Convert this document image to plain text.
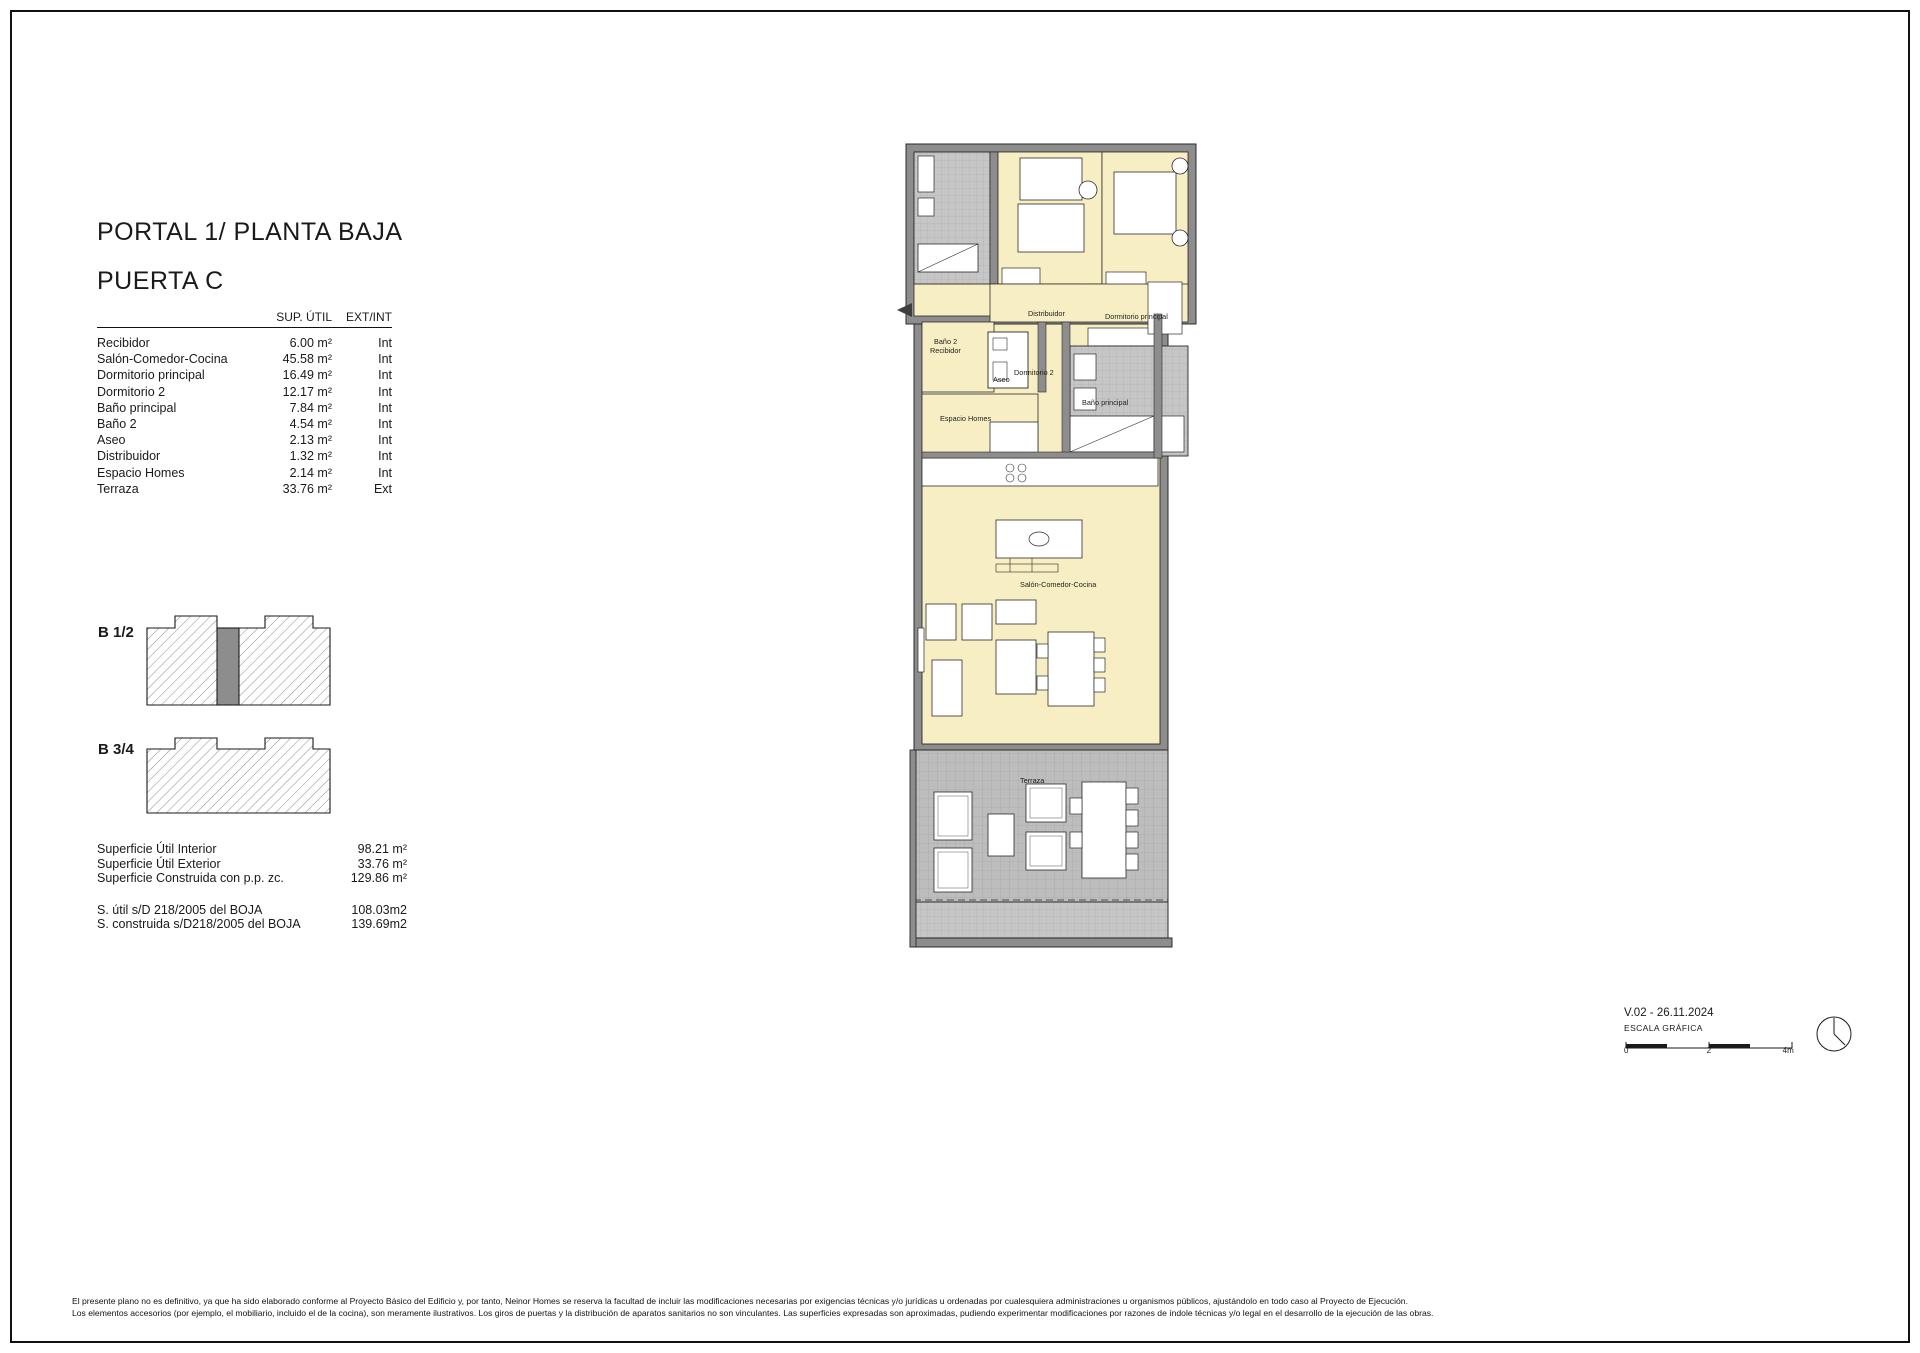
PORTAL 1/ PLANTA BAJA
PUERTA C
SUP. ÚTIL	EXT/INT
Recibidor	6.00 m²	Int
Salón-Comedor-Cocina	45.58 m²	Int
Dormitorio principal	16.49 m²	Int
Dormitorio 2	12.17 m²	Int
Baño principal	7.84 m²	Int
Baño 2	4.54 m²	Int
Aseo	2.13 m²	Int
Distribuidor	1.32 m²	Int
Espacio Homes	2.14 m²	Int
Terraza	33.76 m²	Ext
B 1/2
B 3/4
Superficie Útil Interior	98.21 m²
Superficie Útil Exterior	33.76 m²
Superficie Construida con p.p. zc.	129.86 m²
S. útil s/D 218/2005 del BOJA	108.03m2
S. construida s/D218/2005 del BOJA	139.69m2
Baño 2
Dormitorio 2
Distribuidor	Dormitorio principal
Recibidor
Aseo
Baño principal
Espacio Homes
Salón-Comedor-Cocina
Terraza
V.02 - 26.11.2024
ESCALA GRÁFICA
0	2	4m
El presente plano no es definitivo, ya que ha sido elaborado conforme al Proyecto Básico del Edificio y, por tanto, Neinor Homes se reserva la facultad de incluir las modificaciones necesarias por exigencias técnicas y/o jurídicas u ordenadas por cualesquiera administraciones u organismos públicos, ajustándolo en todo caso al Proyecto de Ejecución.
Los elementos accesorios (por ejemplo, el mobiliario, incluido el de la cocina), son meramente ilustrativos. Los giros de puertas y la distribución de aparatos sanitarios no son vinculantes. Las superficies expresadas son aproximadas, pudiendo experimentar modificaciones por razones de índole técnicas y/o legal en el desarrollo de la ejecución de las obras.
